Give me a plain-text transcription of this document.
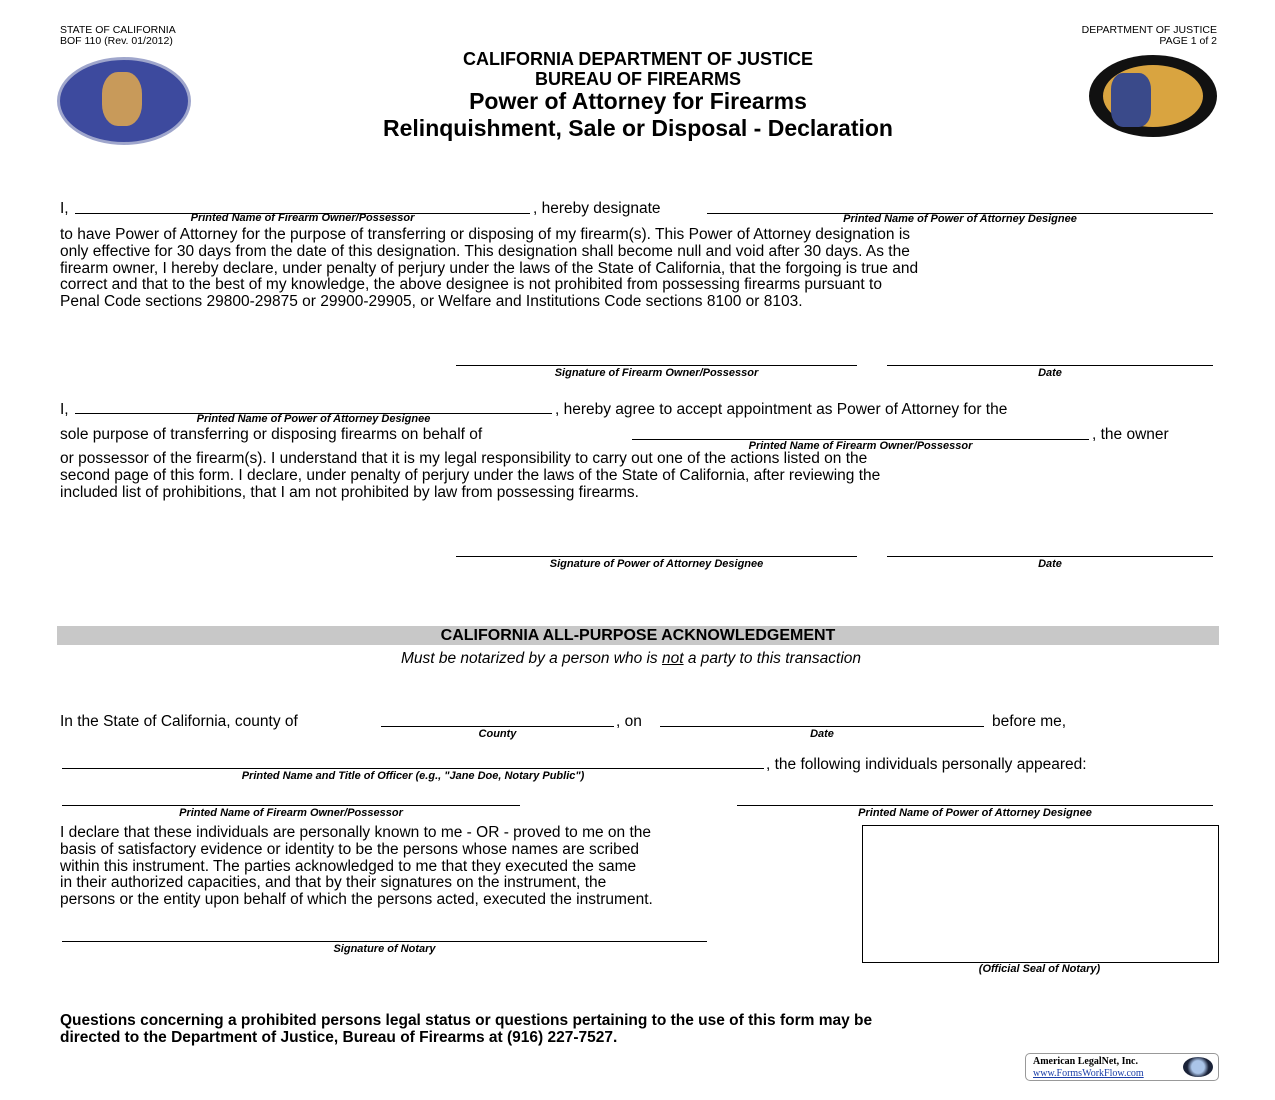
STATE OF CALIFORNIA
BOF 110 (Rev. 01/2012)
DEPARTMENT OF JUSTICE
PAGE 1 of 2
CALIFORNIA DEPARTMENT OF JUSTICE
BUREAU OF FIREARMS
Power of Attorney for Firearms
Relinquishment, Sale or Disposal - Declaration
I,
Printed Name of Firearm Owner/Possessor
, hereby designate
Printed Name of Power of Attorney Designee
to have Power of Attorney for the purpose of transferring or disposing of my firearm(s). This Power of Attorney designation is
only effective for 30 days from the date of this designation. This designation shall become null and void after 30 days. As the
firearm owner, I hereby declare, under penalty of perjury under the laws of the State of California, that the forgoing is true and
correct and that to the best of my knowledge, the above designee is not prohibited from possessing firearms pursuant to
Penal Code sections 29800-29875 or 29900-29905, or Welfare and Institutions Code sections 8100 or 8103.
Signature of Firearm Owner/Possessor	Date
I,
Printed Name of Power of Attorney Designee
, hereby agree to accept appointment as Power of Attorney for the
sole purpose of transferring or disposing firearms on behalf of
Printed Name of Firearm Owner/Possessor
, the owner
or possessor of the firearm(s). I understand that it is my legal responsibility to carry out one of the actions listed on the
second page of this form. I declare, under penalty of perjury under the laws of the State of California, after reviewing the
included list of prohibitions, that I am not prohibited by law from possessing firearms.
Signature of Power of Attorney Designee	Date
CALIFORNIA ALL-PURPOSE ACKNOWLEDGEMENT
Must be notarized by a person who is not a party to this transaction
In the State of California, county of
County
, on
Date
before me,
Printed Name and Title of Officer (e.g., "Jane Doe, Notary Public")
, the following individuals personally appeared:
Printed Name of Firearm Owner/Possessor	Printed Name of Power of Attorney Designee
I declare that these individuals are personally known to me - OR - proved to me on the
basis of satisfactory evidence or identity to be the persons whose names are scribed
within this instrument. The parties acknowledged to me that they executed the same
in their authorized capacities, and that by their signatures on the instrument, the
persons or the entity upon behalf of which the persons acted, executed the instrument.
(Official Seal of Notary)
Signature of Notary
Questions concerning a prohibited persons legal status or questions pertaining to the use of this form may be
directed to the Department of Justice, Bureau of Firearms at (916) 227-7527.
American LegalNet, Inc.
www.FormsWorkFlow.com
